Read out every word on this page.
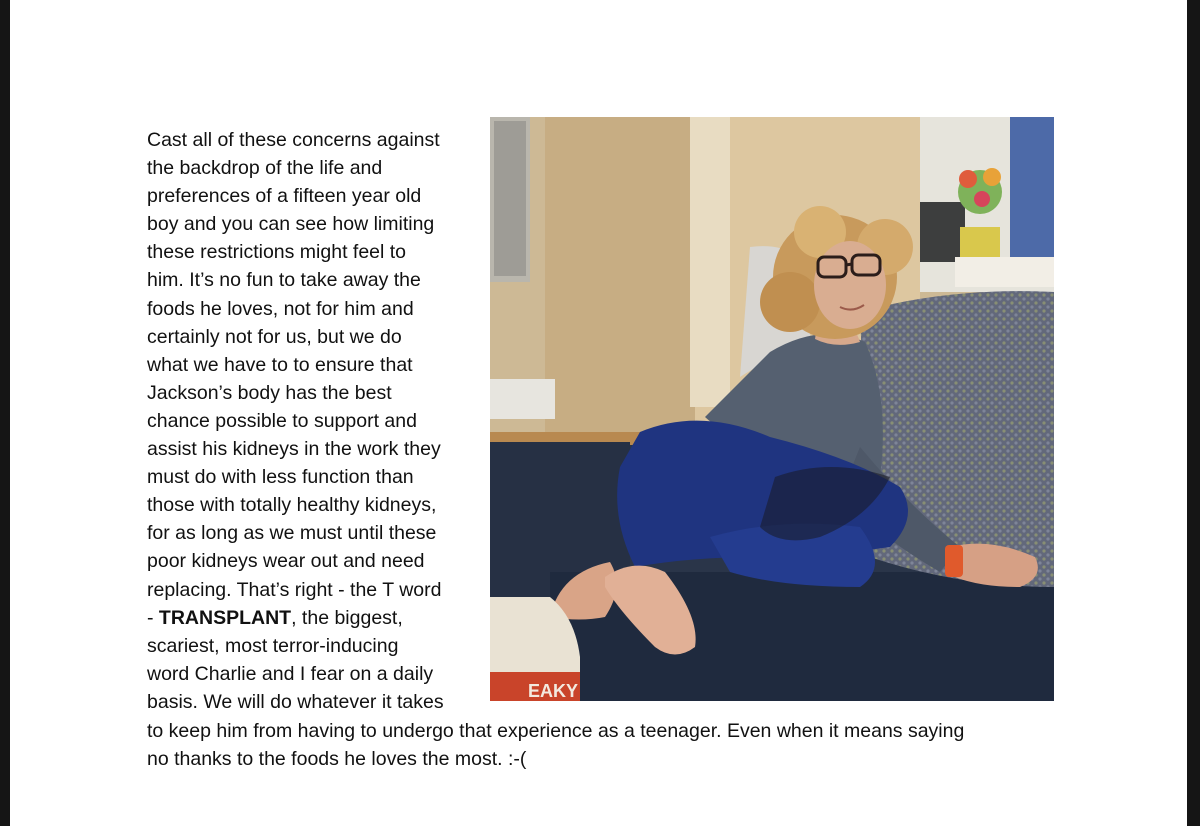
Cast all of these concerns against
the backdrop of the life and
preferences of a fifteen year old
boy and you can see how limiting
these restrictions might feel to
him. It’s no fun to take away the
foods he loves, not for him and
certainly not for us, but we do
what we have to to ensure that
Jackson’s body has the best
chance possible to support and
assist his kidneys in the work they
must do with less function than
those with totally healthy kidneys,
for as long as we must until these
poor kidneys wear out and need
replacing. That’s right - the T word
- TRANSPLANT, the biggest,
scariest, most terror-inducing
word Charlie and I fear on a daily
basis. We will do whatever it takes
to keep him from having to undergo that experience as a teenager. Even when it means saying
no thanks to the foods he loves the most. :-(
EAKY
